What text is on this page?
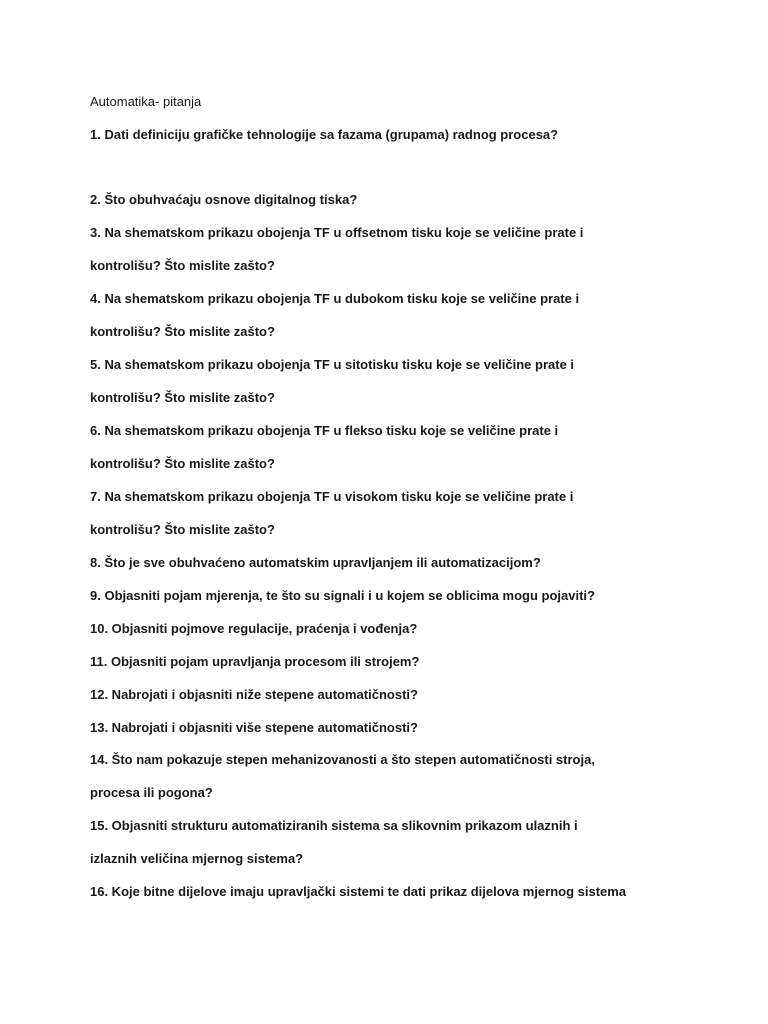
Automatika- pitanja
1. Dati definiciju grafičke tehnologije sa fazama (grupama) radnog procesa?
2. Što obuhvaćaju osnove digitalnog tiska?
3. Na shematskom prikazu obojenja TF u offsetnom tisku koje se veličine prate i
kontrolišu? Što mislite zašto?
4. Na shematskom prikazu obojenja TF u dubokom tisku koje se veličine prate i
kontrolišu? Što mislite zašto?
5. Na shematskom prikazu obojenja TF u sitotisku tisku koje se veličine prate i
kontrolišu? Što mislite zašto?
6. Na shematskom prikazu obojenja TF u flekso tisku koje se veličine prate i
kontrolišu? Što mislite zašto?
7. Na shematskom prikazu obojenja TF u visokom tisku koje se veličine prate i
kontrolišu? Što mislite zašto?
8. Što je sve obuhvaćeno automatskim upravljanjem ili automatizacijom?
9. Objasniti pojam mjerenja, te što su signali i u kojem se oblicima mogu pojaviti?
10. Objasniti pojmove regulacije, praćenja i vođenja?
11. Objasniti pojam upravljanja procesom ili strojem?
12. Nabrojati i objasniti niže stepene automatičnosti?
13. Nabrojati i objasniti više stepene automatičnosti?
14. Što nam pokazuje stepen mehanizovanosti a što stepen automatičnosti stroja,
procesa ili pogona?
15. Objasniti strukturu automatiziranih sistema sa slikovnim prikazom ulaznih i
izlaznih veličina mjernog sistema?
16. Koje bitne dijelove imaju upravljački sistemi te dati prikaz dijelova mjernog sistema
